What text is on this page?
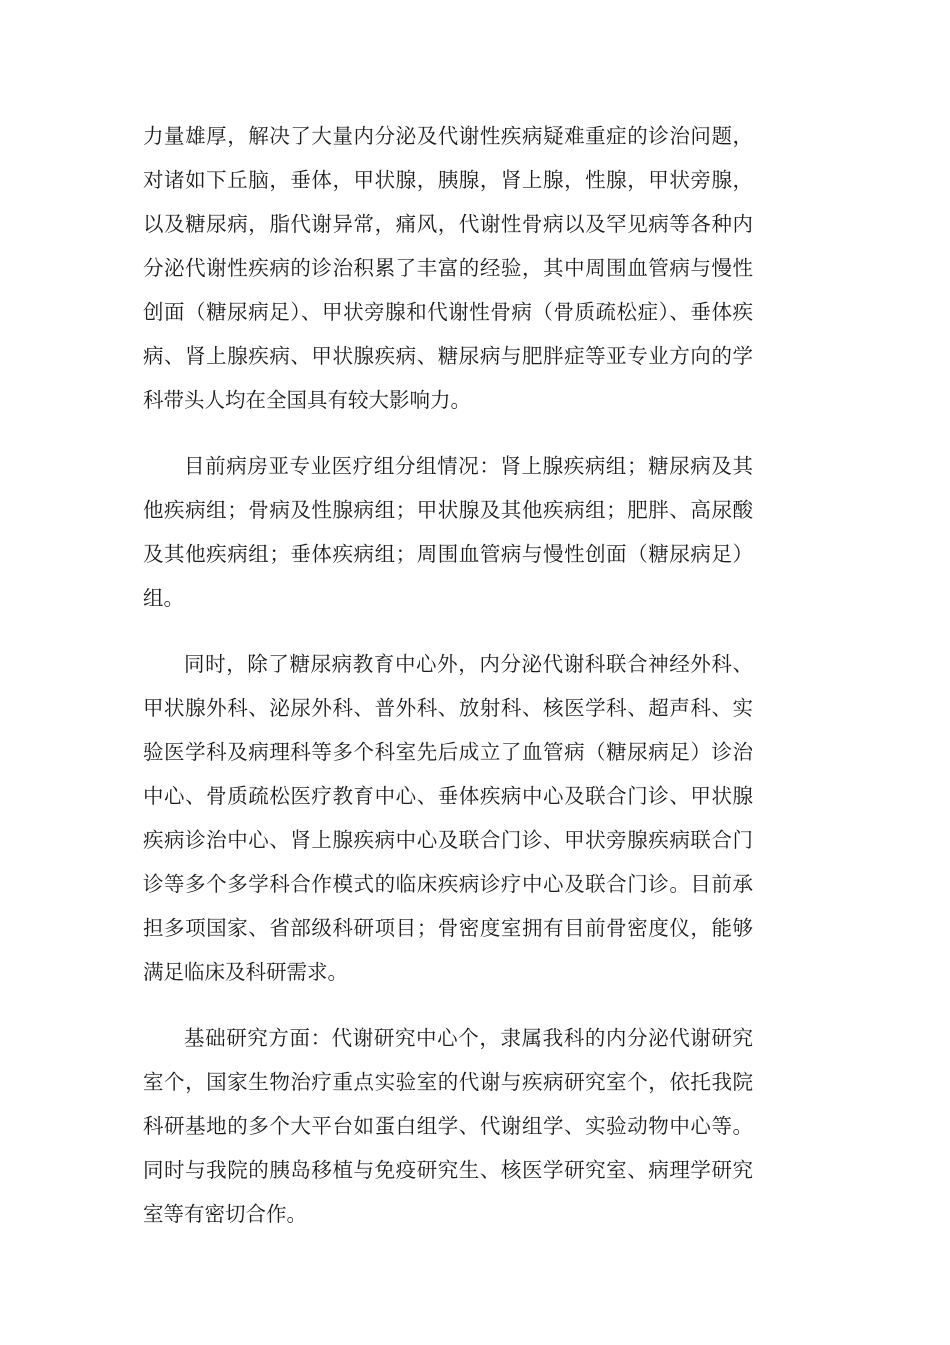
力量雄厚，解决了大量内分泌及代谢性疾病疑难重症的诊治问题，对诸如下丘脑，垂体，甲状腺，胰腺，肾上腺，性腺，甲状旁腺，以及糖尿病，脂代谢异常，痛风，代谢性骨病以及罕见病等各种内分泌代谢性疾病的诊治积累了丰富的经验，其中周围血管病与慢性创面（糖尿病足）、甲状旁腺和代谢性骨病（骨质疏松症）、垂体疾病、肾上腺疾病、甲状腺疾病、糖尿病与肥胖症等亚专业方向的学科带头人均在全国具有较大影响力。

目前病房亚专业医疗组分组情况：肾上腺疾病组；糖尿病及其他疾病组；骨病及性腺病组；甲状腺及其他疾病组；肥胖、高尿酸及其他疾病组；垂体疾病组；周围血管病与慢性创面（糖尿病足）组。

同时，除了糖尿病教育中心外，内分泌代谢科联合神经外科、甲状腺外科、泌尿外科、普外科、放射科、核医学科、超声科、实验医学科及病理科等多个科室先后成立了血管病（糖尿病足）诊治中心、骨质疏松医疗教育中心、垂体疾病中心及联合门诊、甲状腺疾病诊治中心、肾上腺疾病中心及联合门诊、甲状旁腺疾病联合门诊等多个多学科合作模式的临床疾病诊疗中心及联合门诊。目前承担多项国家、省部级科研项目；骨密度室拥有目前骨密度仪，能够满足临床及科研需求。

基础研究方面：代谢研究中心个，隶属我科的内分泌代谢研究室个，国家生物治疗重点实验室的代谢与疾病研究室个，依托我院科研基地的多个大平台如蛋白组学、代谢组学、实验动物中心等。同时与我院的胰岛移植与免疫研究生、核医学研究室、病理学研究室等有密切合作。
